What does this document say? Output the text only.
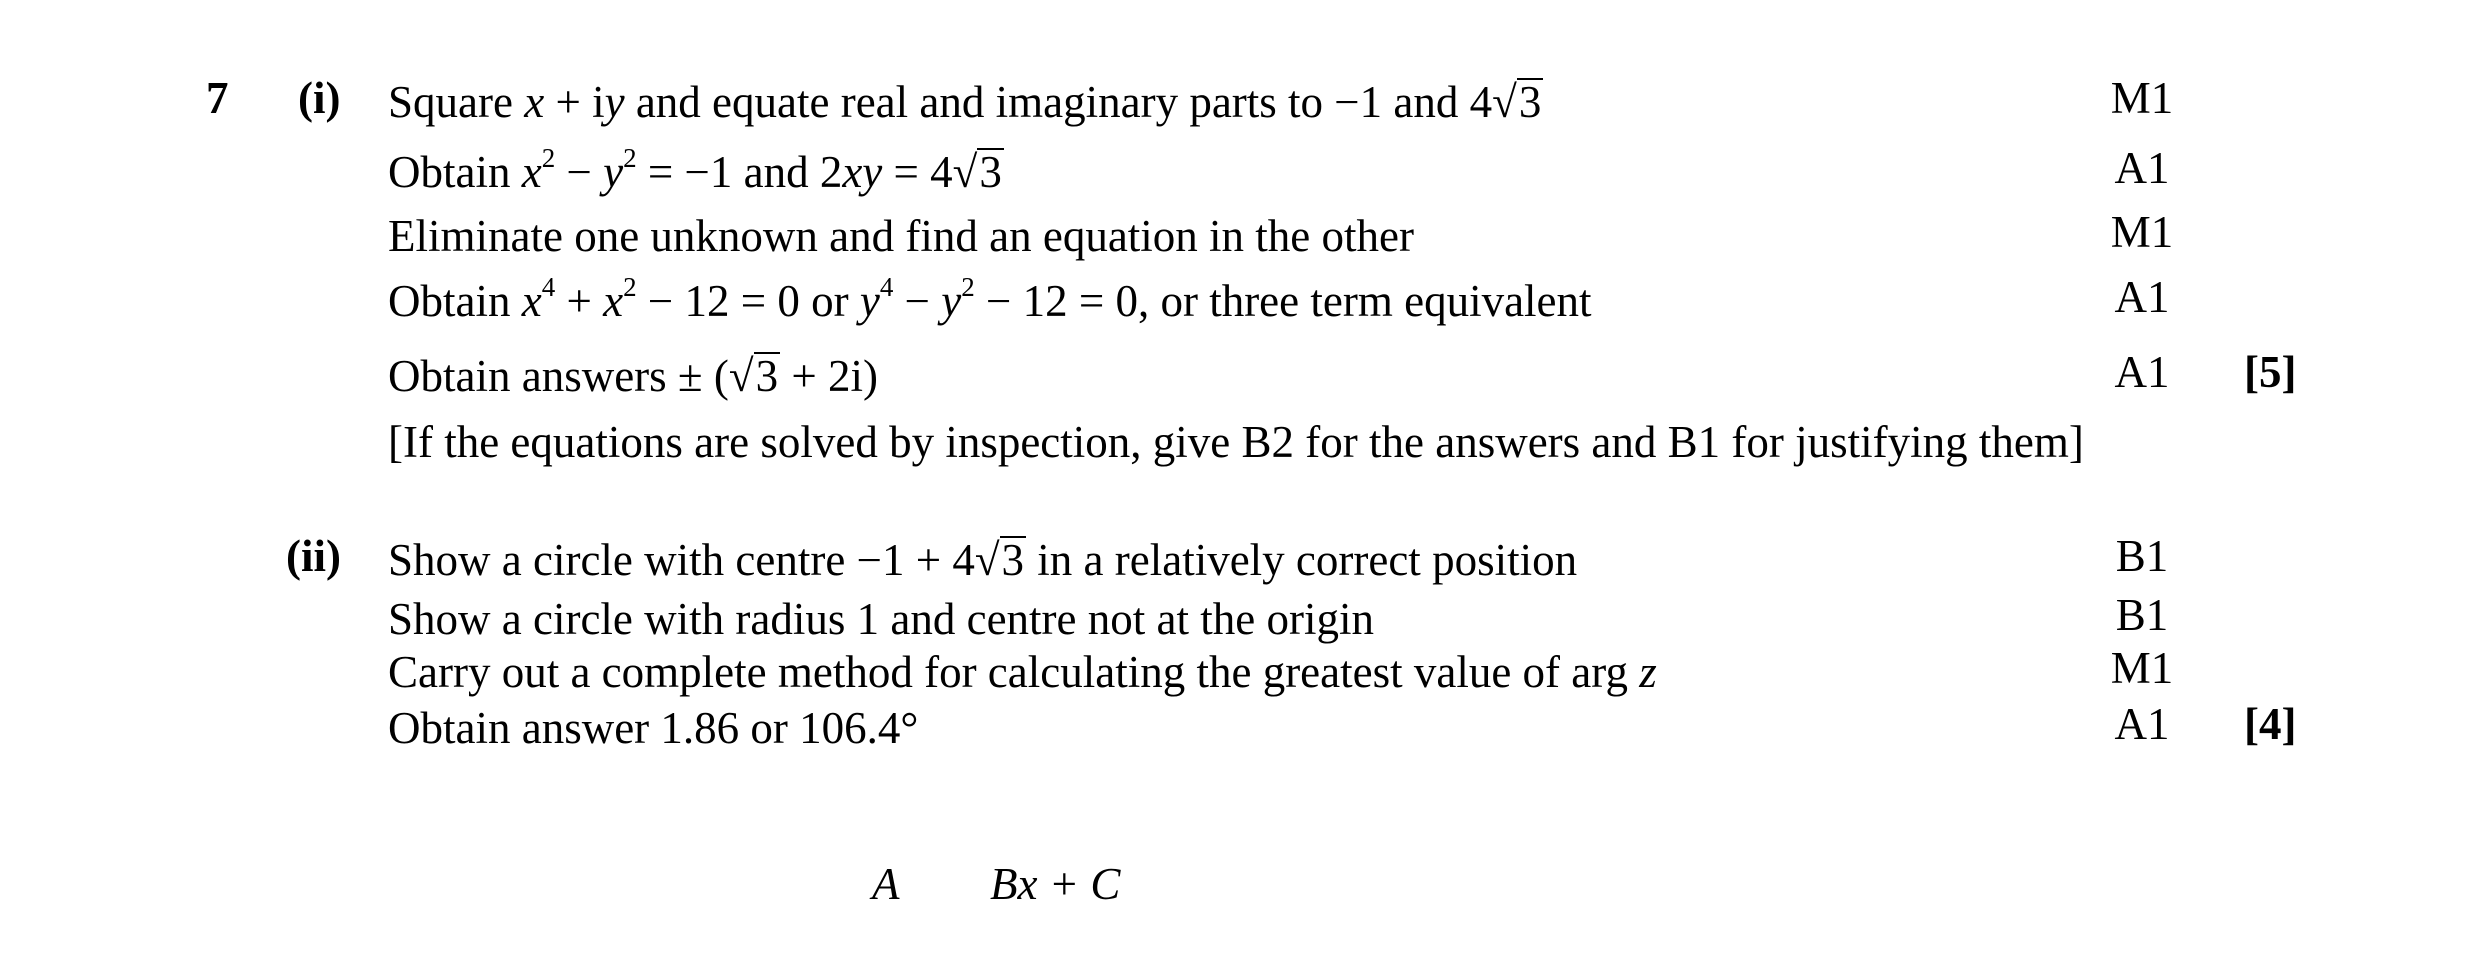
7 (i) Square x + iy and equate real and imaginary parts to −1 and 4√3	M1
Obtain $x^2 - y^2 = -1$ and 2xy = 4√3	A1
Eliminate one unknown and find an equation in the other	M1
Obtain $x^4 + x^2 - 12 = 0$ or $y^4 - y^2 - 12 = 0$, or three term equivalent	A1
Obtain answers ± (√3 + 2i)	A1 [5]
[If the equations are solved by inspection, give B2 for the answers and B1 for justifying them]
(ii) Show a circle with centre −1 + 4√3 in a relatively correct position	B1
Show a circle with radius 1 and centre not at the origin	B1
Carry out a complete method for calculating the greatest value of arg z	M1
Obtain answer 1.86 or 106.4°	A1 [4]
A Bx + C
